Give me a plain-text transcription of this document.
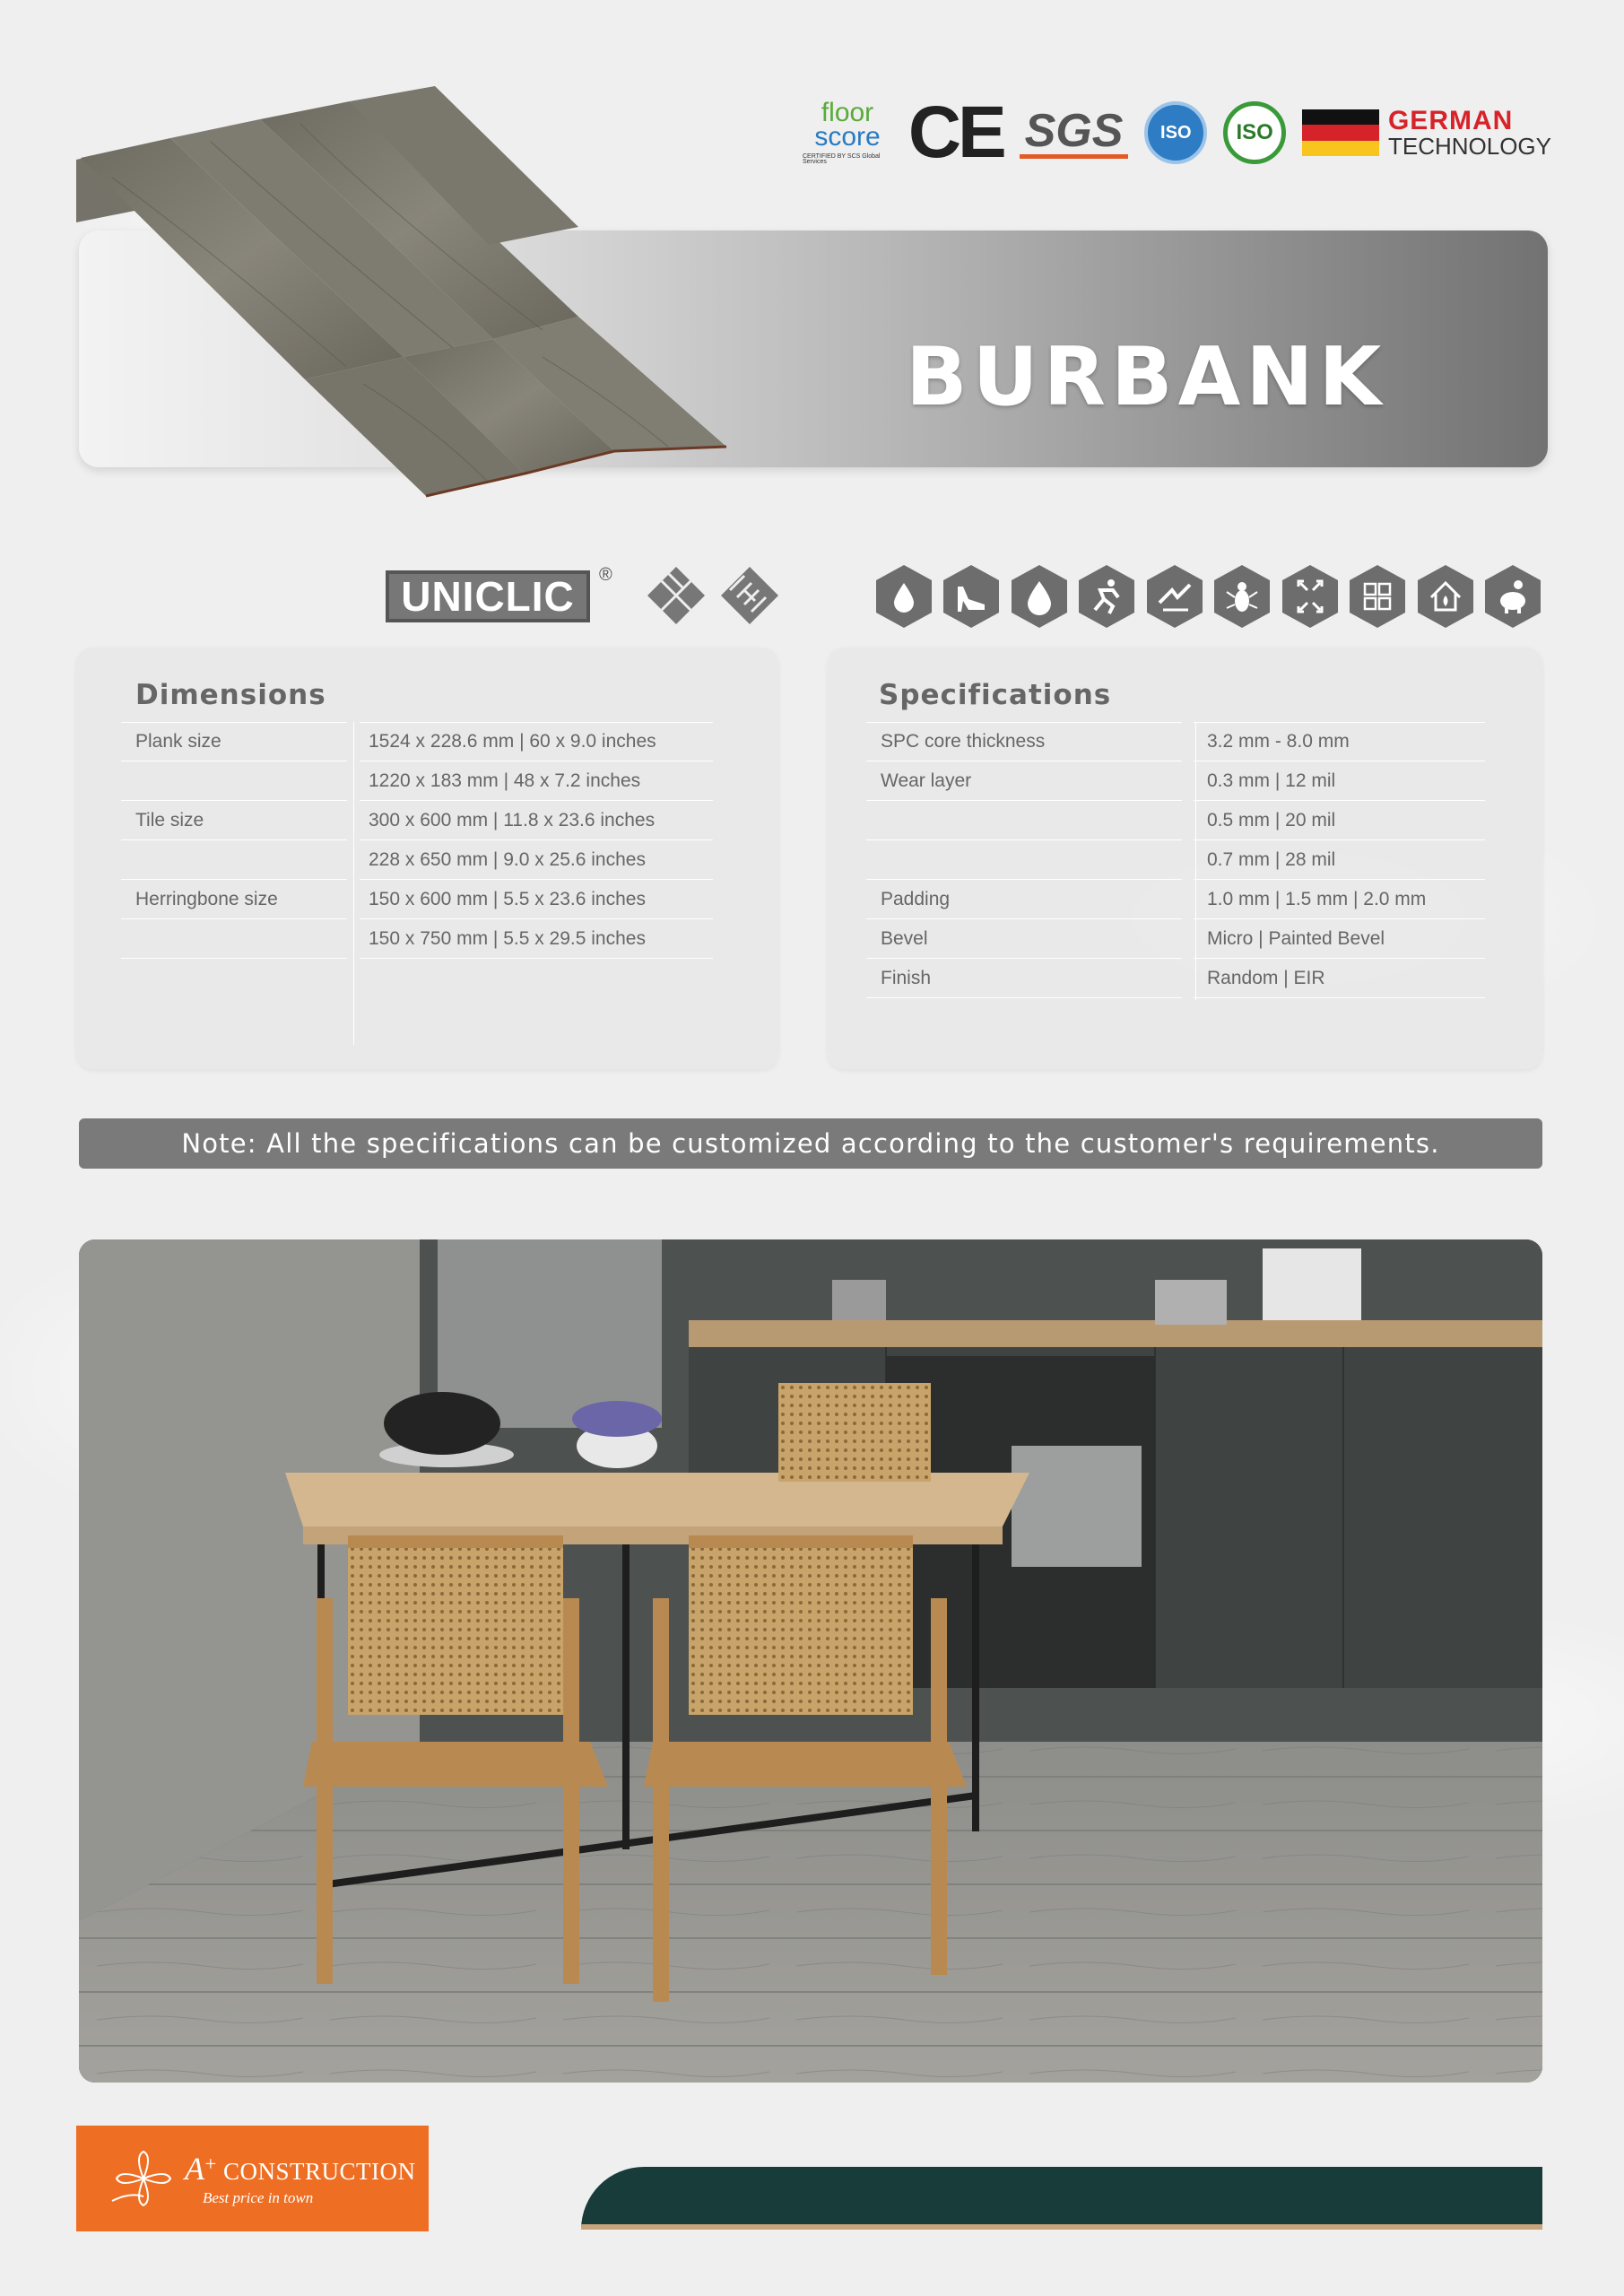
floor
score
CERTIFIED BY SCS Global Services	CE SGS	ISO	ISO	GERMAN
TECHNOLOGY
BURBANK
UNICLIC	®
Dimensions
Plank size	1524 x 228.6 mm | 60 x 9.0 inches
1220 x 183 mm | 48 x 7.2 inches
Tile size	300 x 600 mm | 11.8 x 23.6 inches
228 x 650 mm | 9.0 x 25.6 inches
Herringbone size	150 x 600 mm | 5.5 x 23.6 inches
150 x 750 mm | 5.5 x 29.5 inches
Specifications
SPC core thickness	3.2 mm - 8.0 mm
Wear layer	0.3 mm | 12 mil
0.5 mm | 20 mil
0.7 mm | 28 mil
Padding	1.0 mm | 1.5 mm | 2.0 mm
Bevel	Micro | Painted Bevel
Finish	Random | EIR
Note: All the specifications can be customized according to the customer's requirements.
A+ CONSTRUCTION
Best price in town
